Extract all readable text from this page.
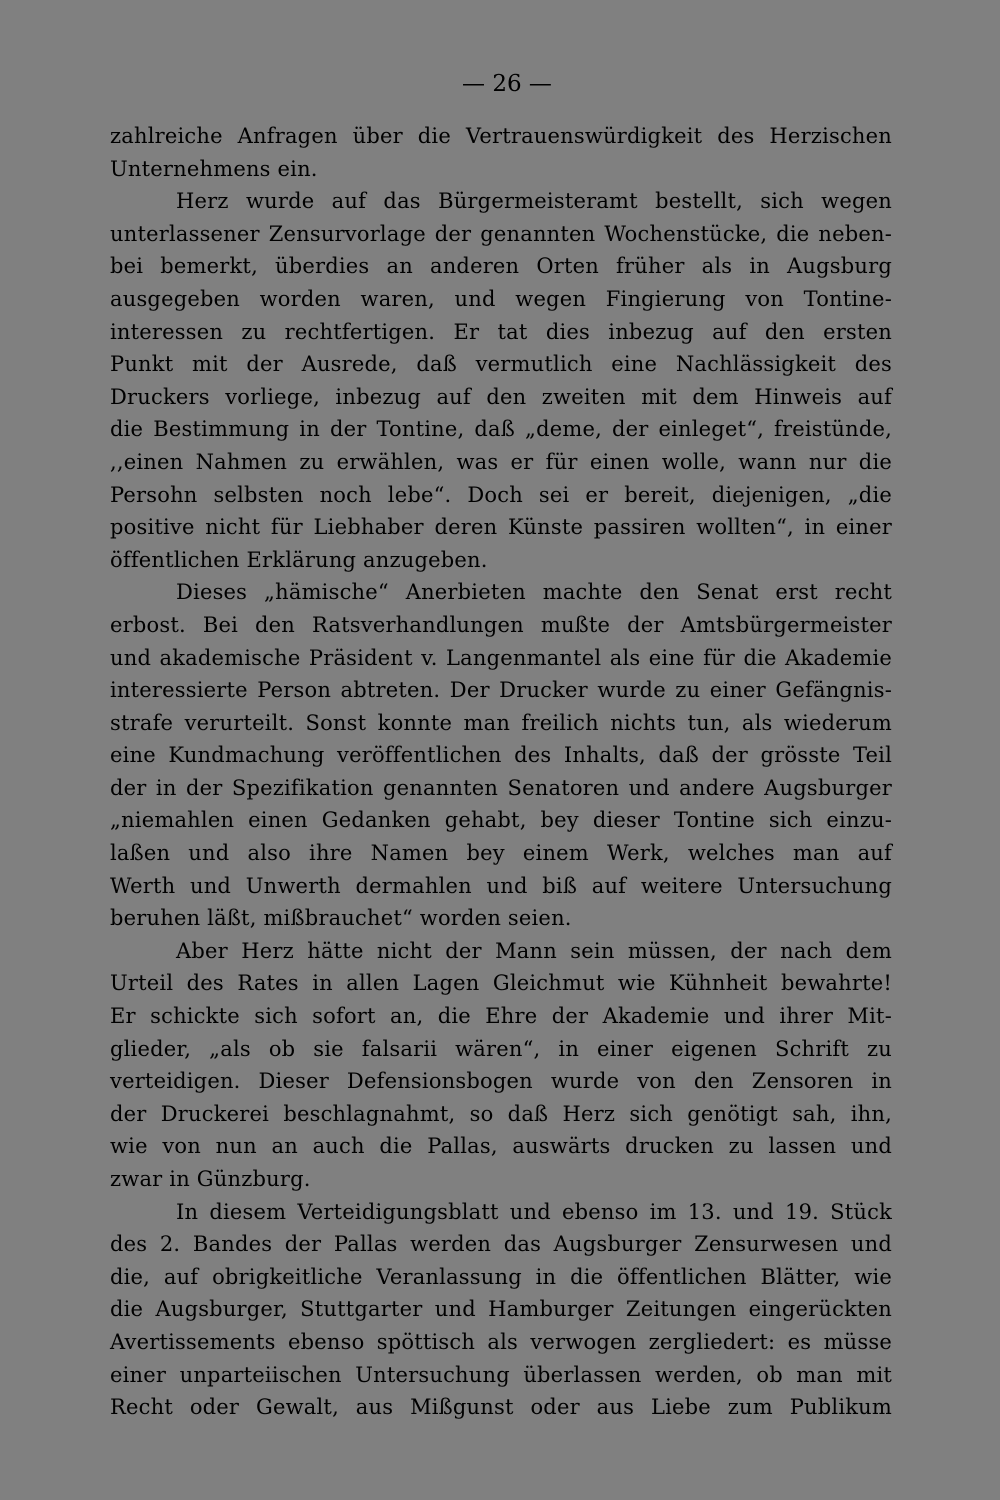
— 26 —
zahlreiche Anfragen über die Vertrauenswürdigkeit des Herzischen
Unternehmens ein.
Herz wurde auf das Bürgermeisteramt bestellt, sich wegen
unterlassener Zensurvorlage der genannten Wochenstücke, die neben-
bei bemerkt, überdies an anderen Orten früher als in Augsburg
ausgegeben worden waren, und wegen Fingierung von Tontine-
interessen zu rechtfertigen. Er tat dies inbezug auf den ersten
Punkt mit der Ausrede, daß vermutlich eine Nachlässigkeit des
Druckers vorliege, inbezug auf den zweiten mit dem Hinweis auf
die Bestimmung in der Tontine, daß „deme, der einleget“, freistünde,
,,einen Nahmen zu erwählen, was er für einen wolle, wann nur die
Persohn selbsten noch lebe“. Doch sei er bereit, diejenigen, „die
positive nicht für Liebhaber deren Künste passiren wollten“, in einer
öffentlichen Erklärung anzugeben.
Dieses „hämische“ Anerbieten machte den Senat erst recht
erbost. Bei den Ratsverhandlungen mußte der Amtsbürgermeister
und akademische Präsident v. Langenmantel als eine für die Akademie
interessierte Person abtreten. Der Drucker wurde zu einer Gefängnis-
strafe verurteilt. Sonst konnte man freilich nichts tun, als wiederum
eine Kundmachung veröffentlichen des Inhalts, daß der grösste Teil
der in der Spezifikation genannten Senatoren und andere Augsburger
„niemahlen einen Gedanken gehabt, bey dieser Tontine sich einzu-
laßen und also ihre Namen bey einem Werk, welches man auf
Werth und Unwerth dermahlen und biß auf weitere Untersuchung
beruhen läßt, mißbrauchet“ worden seien.
Aber Herz hätte nicht der Mann sein müssen, der nach dem
Urteil des Rates in allen Lagen Gleichmut wie Kühnheit bewahrte!
Er schickte sich sofort an, die Ehre der Akademie und ihrer Mit-
glieder, „als ob sie falsarii wären“, in einer eigenen Schrift zu
verteidigen. Dieser Defensionsbogen wurde von den Zensoren in
der Druckerei beschlagnahmt, so daß Herz sich genötigt sah, ihn,
wie von nun an auch die Pallas, auswärts drucken zu lassen und
zwar in Günzburg.
In diesem Verteidigungsblatt und ebenso im 13. und 19. Stück
des 2. Bandes der Pallas werden das Augsburger Zensurwesen und
die, auf obrigkeitliche Veranlassung in die öffentlichen Blätter, wie
die Augsburger, Stuttgarter und Hamburger Zeitungen eingerückten
Avertissements ebenso spöttisch als verwogen zergliedert: es müsse
einer unparteiischen Untersuchung überlassen werden, ob man mit
Recht oder Gewalt, aus Mißgunst oder aus Liebe zum Publikum
